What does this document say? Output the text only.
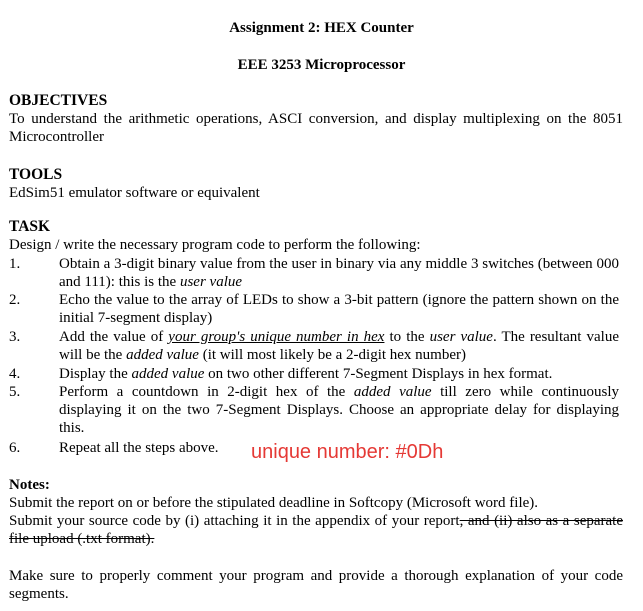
Assignment 2: HEX Counter
EEE 3253 Microprocessor
OBJECTIVES
To understand the arithmetic operations, ASCI conversion, and display multiplexing on the 8051 Microcontroller
TOOLS
EdSim51 emulator software or equivalent
TASK
Design / write the necessary program code to perform the following:
1.	Obtain a 3-digit binary value from the user in binary via any middle 3 switches (between 000 and 111): this is the user value
2.	Echo the value to the array of LEDs to show a 3-bit pattern (ignore the pattern shown on the initial 7-segment display)
3.	Add the value of your group's unique number in hex to the user value. The resultant value will be the added value (it will most likely be a 2-digit hex number)
4.	Display the added value on two other different 7-Segment Displays in hex format.
5.	Perform a countdown in 2-digit hex of the added value till zero while continuously displaying it on the two 7-Segment Displays. Choose an appropriate delay for displaying this.
6.	Repeat all the steps above. unique number: #0Dh
Notes:
Submit the report on or before the stipulated deadline in Softcopy (Microsoft word file).
Submit your source code by (i) attaching it in the appendix of your report, and (ii) also as a separate file upload (.txt format).
Make sure to properly comment your program and provide a thorough explanation of your code segments.
